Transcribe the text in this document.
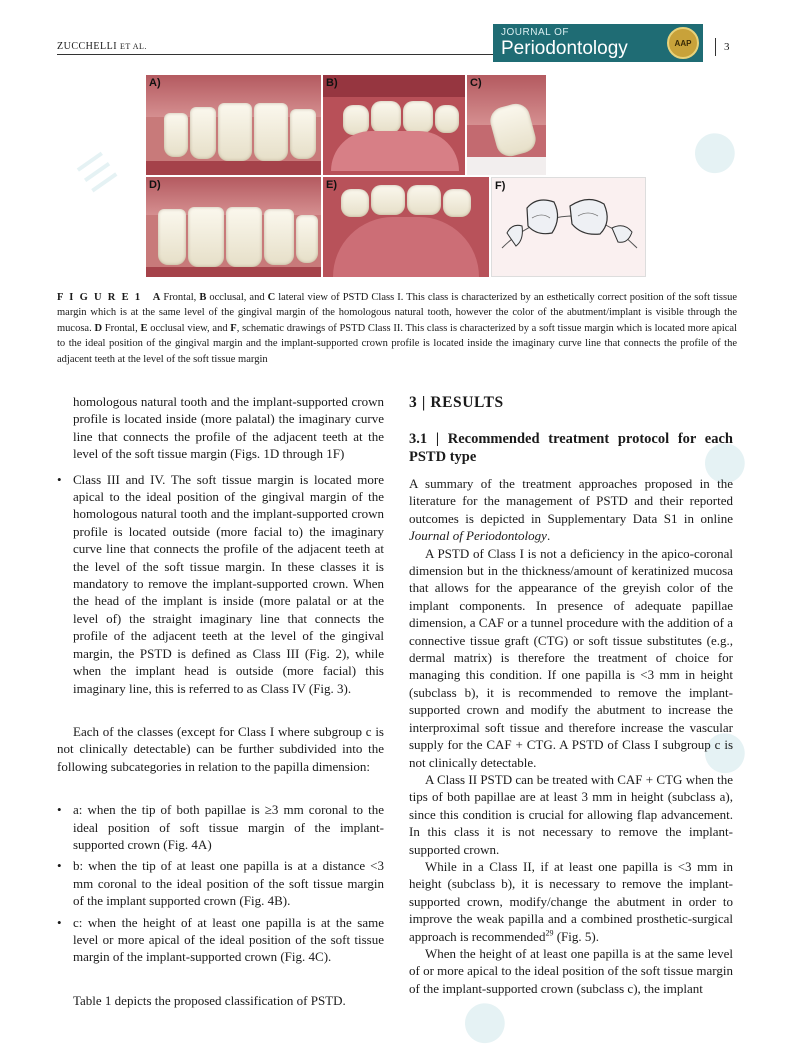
☰	●
●
●
●
ZUCCHELLI ET AL.
JOURNAL OF
Periodontology	AAP	3
A)	B)	C)
D)	E)	F)
F I G U R E 1 A Frontal, B occlusal, and C lateral view of PSTD Class I. This class is characterized by an esthetically correct position of the soft tissue margin which is at the same level of the gingival margin of the homologous natural tooth, however the color of the abutment/implant is visible through the mucosa. D Frontal, E occlusal view, and F, schematic drawings of PSTD Class II. This class is characterized by a soft tissue margin which is located more apical to the ideal position of the gingival margin and the implant-supported crown profile is located inside the imaginary curve line that connects the profile of the adjacent teeth at the level of the soft tissue margin

homologous natural tooth and the implant-supported crown profile is located inside (more palatal) the imaginary curve line that connects the profile of the adjacent teeth at the level of the soft tissue margin (Figs. 1D through 1F)

• Class III and IV. The soft tissue margin is located more apical to the ideal position of the gingival margin of the homologous natural tooth and the implant-supported crown profile is located outside (more facial to) the imaginary curve line that connects the profile of the adjacent teeth at the level of the soft tissue margin. In these classes it is mandatory to remove the implant-supported crown. When the head of the implant is inside (more palatal or at the level of) the straight imaginary line that connects the profile of the adjacent teeth at the level of the gingival margin, the PSTD is defined as Class III (Fig. 2), while when the implant head is outside (more facial) this imaginary line, this is referred to as Class IV (Fig. 3).

Each of the classes (except for Class I where subgroup c is not clinically detectable) can be further subdivided into the following subcategories in relation to the papilla dimension:

• a: when the tip of both papillae is ≥3 mm coronal to the ideal position of soft tissue margin of the implant-supported crown (Fig. 4A)

• b: when the tip of at least one papilla is at a distance <3 mm coronal to the ideal position of the soft tissue margin of the implant supported crown (Fig. 4B).

• c: when the height of at least one papilla is at the same level or more apical of the ideal position of the soft tissue margin of the implant-supported crown (Fig. 4C).

Table 1 depicts the proposed classification of PSTD.

3 | RESULTS

3.1 | Recommended treatment protocol for each PSTD type

A summary of the treatment approaches proposed in the literature for the management of PSTD and their reported outcomes is depicted in Supplementary Data S1 in online Journal of Periodontology.

A PSTD of Class I is not a deficiency in the apico-coronal dimension but in the thickness/amount of keratinized mucosa that allows for the appearance of the greyish color of the implant components. In presence of adequate papillae dimension, a CAF or a tunnel procedure with the addition of a connective tissue graft (CTG) or soft tissue substitutes (e.g., dermal matrix) is therefore the treatment of choice for managing this condition. If one papilla is <3 mm in height (subclass b), it is recommended to remove the implant-supported crown and modify the abutment to increase the interproximal soft tissue and therefore increase the vascular supply for the CAF + CTG. A PSTD of Class I subgroup c is not clinically detectable.

A Class II PSTD can be treated with CAF + CTG when the tips of both papillae are at least 3 mm in height (subclass a), since this condition is crucial for allowing flap advancement. In this class it is not necessary to remove the implant-supported crown.

While in a Class II, if at least one papilla is <3 mm in height (subclass b), it is necessary to remove the implant-supported crown, modify/change the abutment in order to improve the weak papilla and a combined prosthetic-surgical approach is recommended$^{29}$ (Fig. 5).

When the height of at least one papilla is at the same level of or more apical to the ideal position of the soft tissue margin of the implant-supported crown (subclass c), the implant
